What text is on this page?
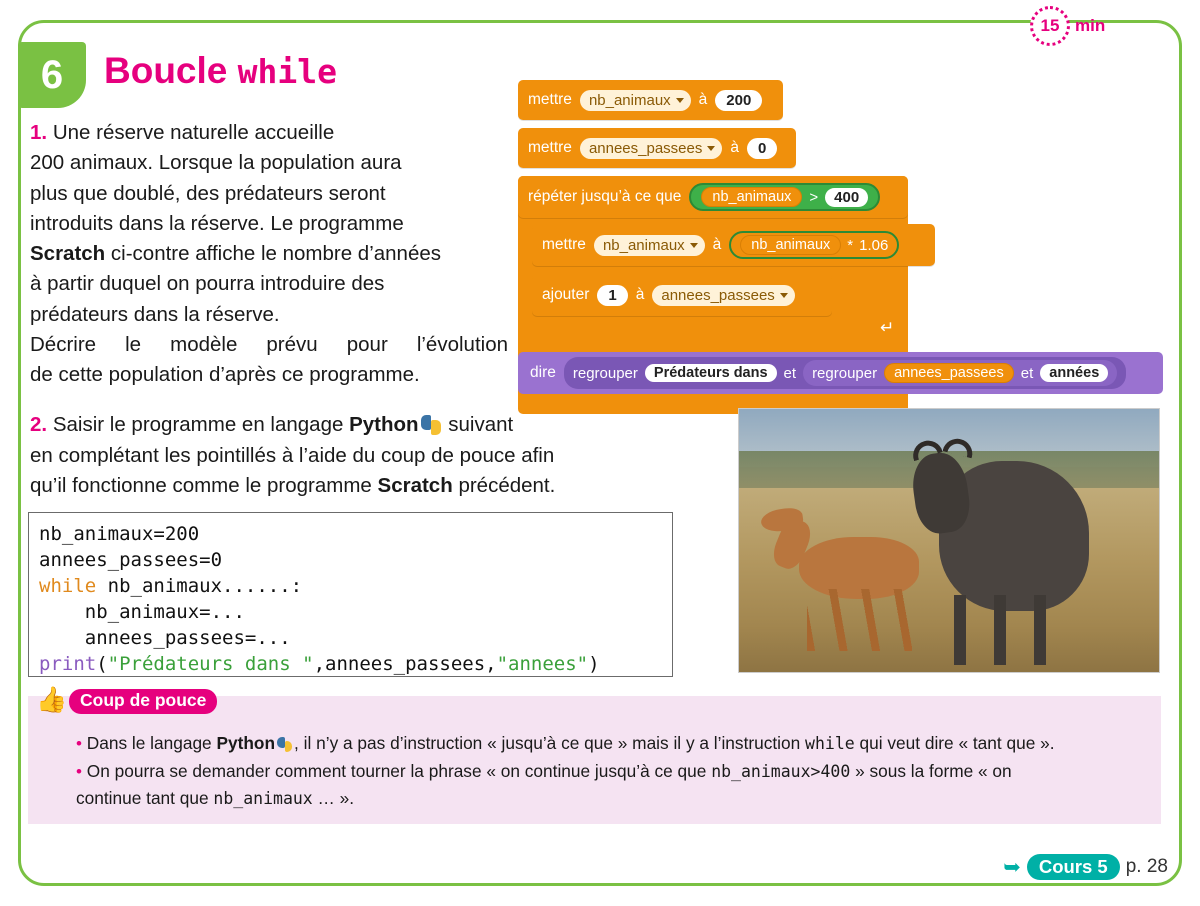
15 min
6	Boucle while
1. Une réserve naturelle accueille
200 animaux. Lorsque la population aura
plus que doublé, des prédateurs seront
introduits dans la réserve. Le programme
Scratch ci-contre affiche le nombre d’années
à partir duquel on pourra introduire des
prédateurs dans la réserve.
Décrire le modèle prévu pour l’évolution
de cette population d’après ce programme.
mettre	nb_animaux	à	200
mettre	annees_passees	à	0
répéter jusqu’à ce que	nb_animaux	>	400
mettre	nb_animaux	à	nb_animaux	* 1.06
ajouter	1	à	annees_passees
↵
dire regrouper	Prédateurs dans	et regrouper	annees_passees	et	années
2. Saisir le programme en langage Python
suivant
en complétant les pointillés à l’aide du coup de pouce afin
qu’il fonctionne comme le programme Scratch précédent.
nb_animaux=200
annees_passees=0
while nb_animaux......:
nb_animaux=...
annees_passees=...
print("Prédateurs dans ",annees_passees,"annees")
👍 Coup de pouce
• Dans le langage Python , il n’y a pas d’instruction « jusqu’à ce que » mais il y a l’instruction while qui veut dire « tant que ».
• On pourra se demander comment tourner la phrase « on continue jusqu’à ce que nb_animaux>400 » sous la forme « on
continue tant que nb_animaux … ».
➥ Cours 5 p. 28
